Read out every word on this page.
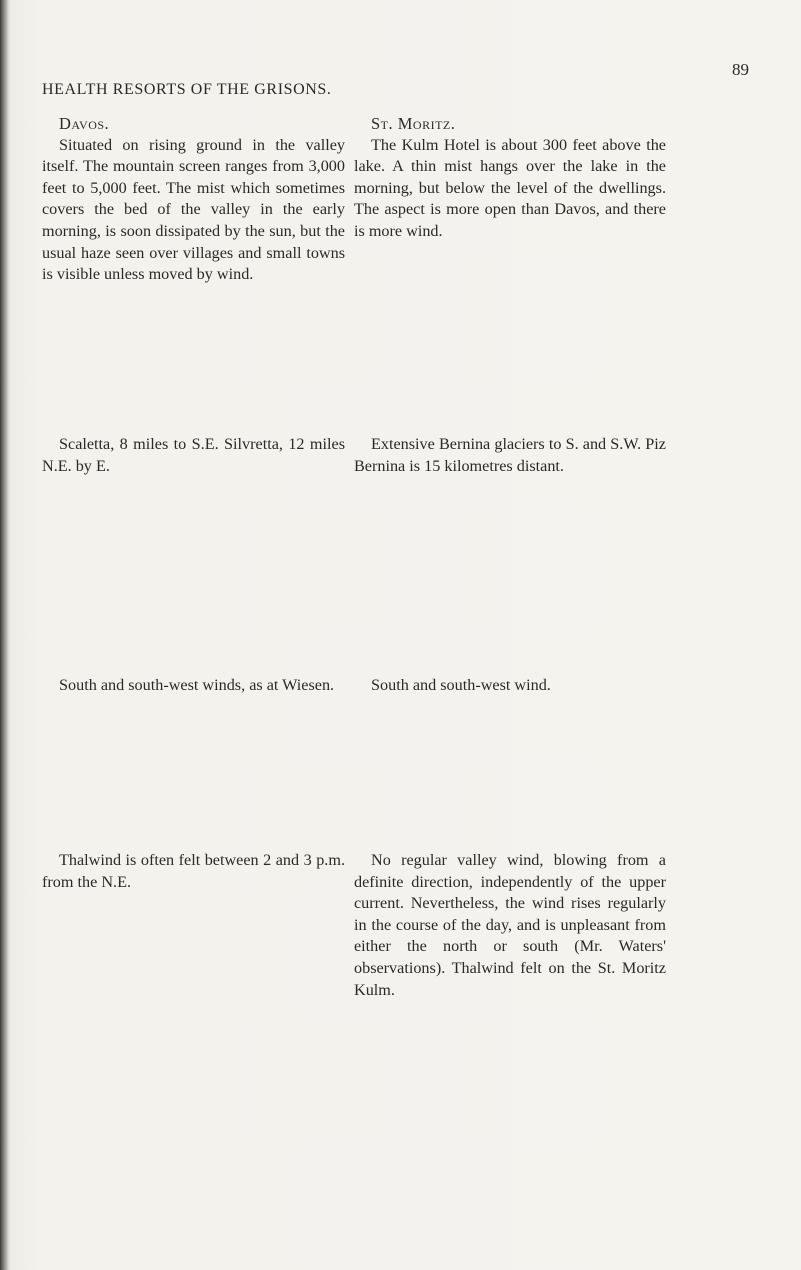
HEALTH RESORTS OF THE GRISONS.
89

Davos.

Situated on rising ground in the valley itself. The mountain screen ranges from 3,000 feet to 5,000 feet. The mist which sometimes covers the bed of the valley in the early morning, is soon dissipated by the sun, but the usual haze seen over villages and small towns is visible unless moved by wind.

Scaletta, 8 miles to S.E. Silvretta, 12 miles N.E. by E.

South and south-west winds, as at Wiesen.

Thalwind is often felt between 2 and 3 p.m. from the N.E.

St. Moritz.

The Kulm Hotel is about 300 feet above the lake. A thin mist hangs over the lake in the morning, but below the level of the dwellings. The aspect is more open than Davos, and there is more wind.

Extensive Bernina glaciers to S. and S.W. Piz Bernina is 15 kilometres distant.

South and south-west wind.

No regular valley wind, blowing from a definite direction, independently of the upper current. Nevertheless, the wind rises regularly in the course of the day, and is unpleasant from either the north or south (Mr. Waters' observations). Thalwind felt on the St. Moritz Kulm.
